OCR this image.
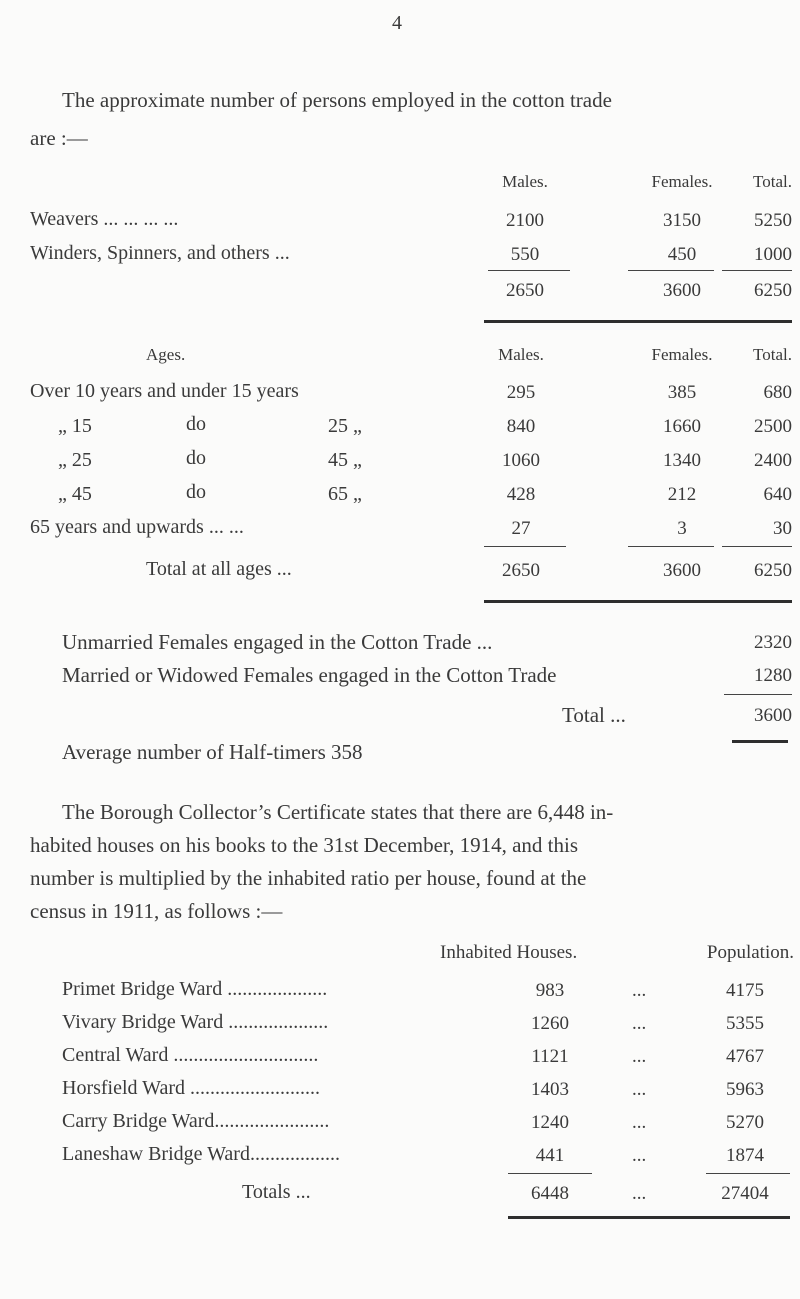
4
The approximate number of persons employed in the cotton trade
are :—
Males.	Females.	Total.
Weavers ... ... ... ...	2100	3150	5250
Winders, Spinners, and others ...	550	450	1000
2650	3600	6250
Ages.	Males.	Females.	Total.
Over 10 years and under 15 years	295	385	680
„ 15	do	25 „	840	1660	2500
„ 25	do	45 „	1060	1340	2400
„ 45	do	65 „	428	212	640
65 years and upwards ... ...	27	3	30
Total at all ages ...	2650	3600	6250
Unmarried Females engaged in the Cotton Trade ...	2320
Married or Widowed Females engaged in the Cotton Trade	1280
Total ...	3600
Average number of Half-timers 358
The Borough Collector’s Certificate states that there are 6,448 in-
habited houses on his books to the 31st December, 1914, and this
number is multiplied by the inhabited ratio per house, found at the
census in 1911, as follows :—
Inhabited Houses.	Population.
Primet Bridge Ward ....................	983	...	4175
Vivary Bridge Ward ....................	1260	...	5355
Central Ward .............................	1121	...	4767
Horsfield Ward ..........................	1403	...	5963
Carry Bridge Ward.......................	1240	...	5270
Laneshaw Bridge Ward..................	441	...	1874
Totals ...	6448	...	27404
